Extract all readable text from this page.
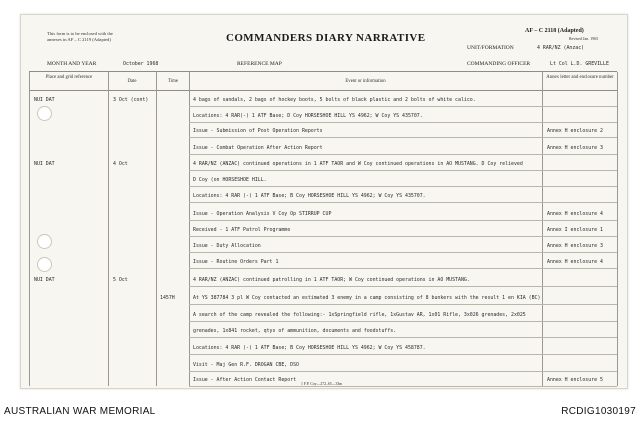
This form is to be enclosed with the
annexes in AF – C 2119 (Adapted)	COMMANDERS DIARY NARRATIVE
AF – C 2118 (Adapted)
Revised Jan. 1965
UNIT/FORMATION	4 RAR/NZ (Anzac)
MONTH AND YEAR	October 1968	REFERENCE MAP	COMMANDING OFFICER	Lt Col L.D. GREVILLE
Place and grid reference
Date	Time	Event or information
Annex letter and enclosure number
NUI DAT	3 Oct (cont)	4 bags of sandals, 2 bags of hockey boots, 5 bolts of black plastic and 2 bolts of white calico.
Locations: 4 RAR(-) 1 ATF Base; D Coy HORSESHOE HILL YS 4962; W Coy YS 435707.
Issue - Submission of Post Operation Reports	Annex H enclosure 2
Issue - Combat Operation After Action Report	Annex H enclosure 3
NUI DAT	4 Oct	4 RAR/NZ (ANZAC) continued operations in 1 ATF TAOR and W Coy continued operations in AO MUSTANG. D Coy relieved
D Coy (on HORSESHOE HILL.
Locations: 4 RAR (-) 1 ATF Base; B Coy HORSESHOE HILL YS 4962; W Coy YS 435707.
Issue - Operation Analysis V Coy Op STIRRUP CUP	Annex H enclosure 4
Received - 1 ATF Patrol Programme	Annex I enclosure 1
Issue - Duty Allocation	Annex H enclosure 3
Issue - Routine Orders Part 1	Annex H enclosure 4
NUI DAT	5 Oct	4 RAR/NZ (ANZAC) continued patrolling in 1 ATF TAOR; W Coy continued operations in AO MUSTANG.
1457H	At YS 387784 3 pl W Coy contacted an estimated 3 enemy in a camp consisting of 8 bunkers with the result 1 en KIA (BC)
A search of the camp revealed the following:- 1xSpringfield rifle, 1xGustav AR, 1x01 Rifle, 3x026 grenades, 2x025
grenades, 1x841 rocket, qtys of ammunition, documents and foodstuffs.
Locations: 4 RAR (-) 1 ATF Base; B Coy HORSESHOE HILL YS 4962; W Coy YS 458787.
Visit - Maj Gen R.F. DROGAN CBE, DSO
Issue - After Action Contact Report	Annex H enclosure 5
1 F.P. Coy—272–65—33m
AUSTRALIAN WAR MEMORIAL	RCDIG1030197
